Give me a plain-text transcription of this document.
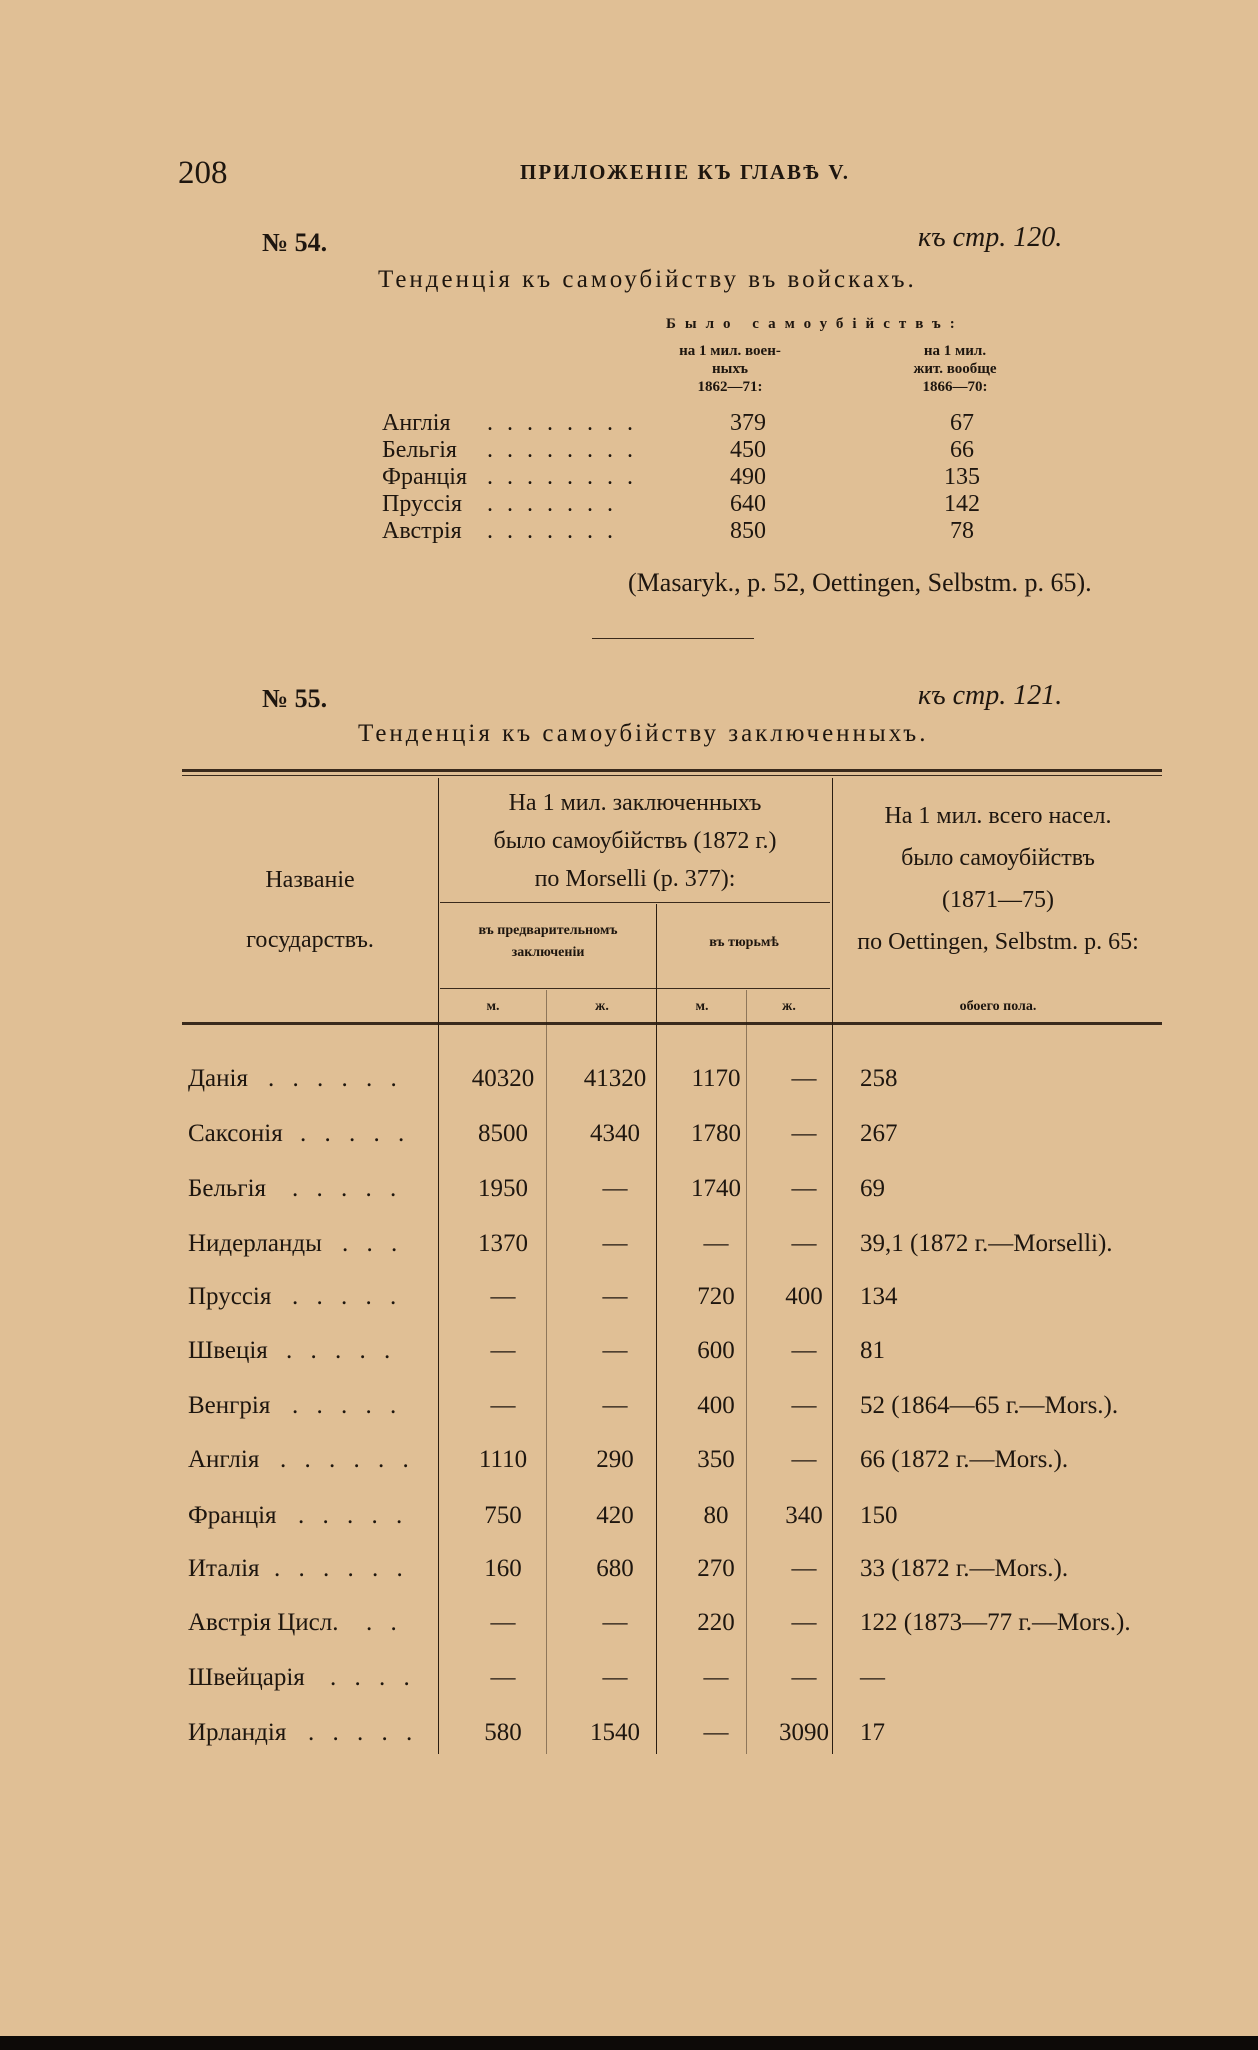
208	ПРИЛОЖЕНІЕ КЪ ГЛАВѢ V.
№ 54.	къ стр. 120.
Тенденція къ самоубійству въ войскахъ.
Было самоубійствъ:
на 1 мил. воен-
ныхъ
1862—71:
на 1 мил.
жит. вообще
1866—70:
Англія . . . . . . . .	379	67
Бельгія . . . . . . . .	450	66
Франція . . . . . . . .	490	135
Пруссія . . . . . . .	640	142
Австрія . . . . . . .	850	78
(Masaryk., p. 52, Oettingen, Selbstm. p. 65).
№ 55.	къ стр. 121.
Тенденція къ самоубійству заключенныхъ.
Названіе
государствъ.
На 1 мил. заключенныхъ
было самоубійствъ (1872 г.)
по Morselli (p. 377):
На 1 мил. всего насел.
было самоубійствъ
(1871—75)
по Oettingen, Selbstm. p. 65:
въ предварительномъ
заключеніи
въ тюрьмѣ
м.	ж.	м.	ж.	обоего пола.
Данія . . . . . .	40320	41320	1170	—	258
Саксонія . . . . .	8500	4340	1780	—	267
Бельгія . . . . .	1950	—	1740	—	69
Нидерланды . . .	1370	—	—	—	39,1 (1872 г.—Morselli).
Пруссія . . . . .	—	—	720	400	134
Швеція . . . . .	—	—	600	—	81
Венгрія . . . . .	—	—	400	—	52 (1864—65 г.—Mors.).
Англія . . . . . .	1110	290	350	—	66 (1872 г.—Mors.).
Франція . . . . .	750	420	80	340	150
Италія . . . . . .	160	680	270	—	33 (1872 г.—Mors.).
Австрія Цисл. . .	—	—	220	—	122 (1873—77 г.—Mors.).
Швейцарія . . . .	—	—	—	—	—
Ирландія . . . . .	580	1540	—	3090	17
